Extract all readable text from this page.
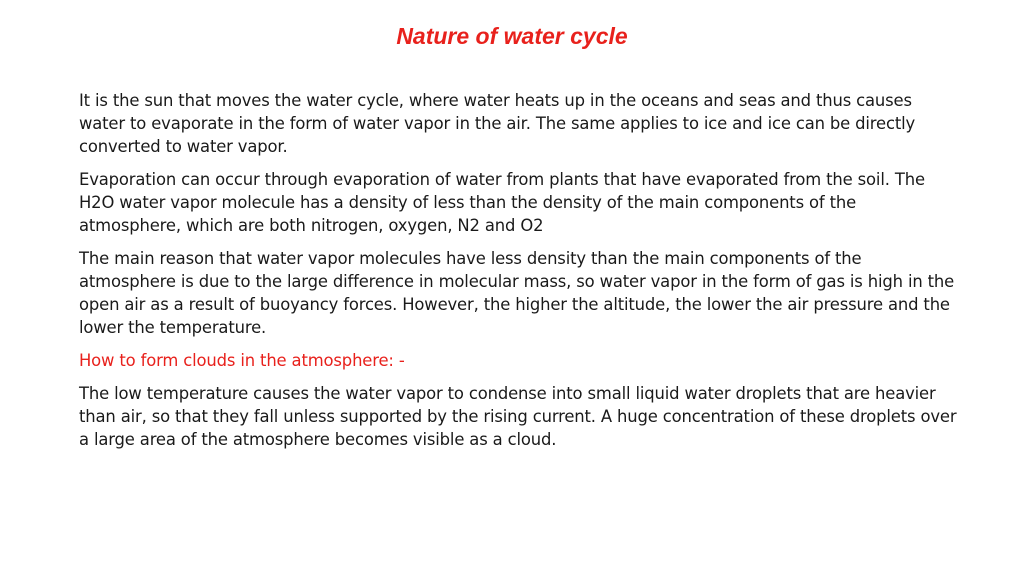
Nature of water cycle

It is the sun that moves the water cycle, where water heats up in the oceans and seas and thus causes water to evaporate in the form of water vapor in the air. The same applies to ice and ice can be directly converted to water vapor.

Evaporation can occur through evaporation of water from plants that have evaporated from the soil. The H2O water vapor molecule has a density of less than the density of the main components of the atmosphere, which are both nitrogen, oxygen, N2 and O2

The main reason that water vapor molecules have less density than the main components of the atmosphere is due to the large difference in molecular mass, so water vapor in the form of gas is high in the open air as a result of buoyancy forces. However, the higher the altitude, the lower the air pressure and the lower the temperature.

How to form clouds in the atmosphere: -

The low temperature causes the water vapor to condense into small liquid water droplets that are heavier than air, so that they fall unless supported by the rising current. A huge concentration of these droplets over a large area of the atmosphere becomes visible as a cloud.
